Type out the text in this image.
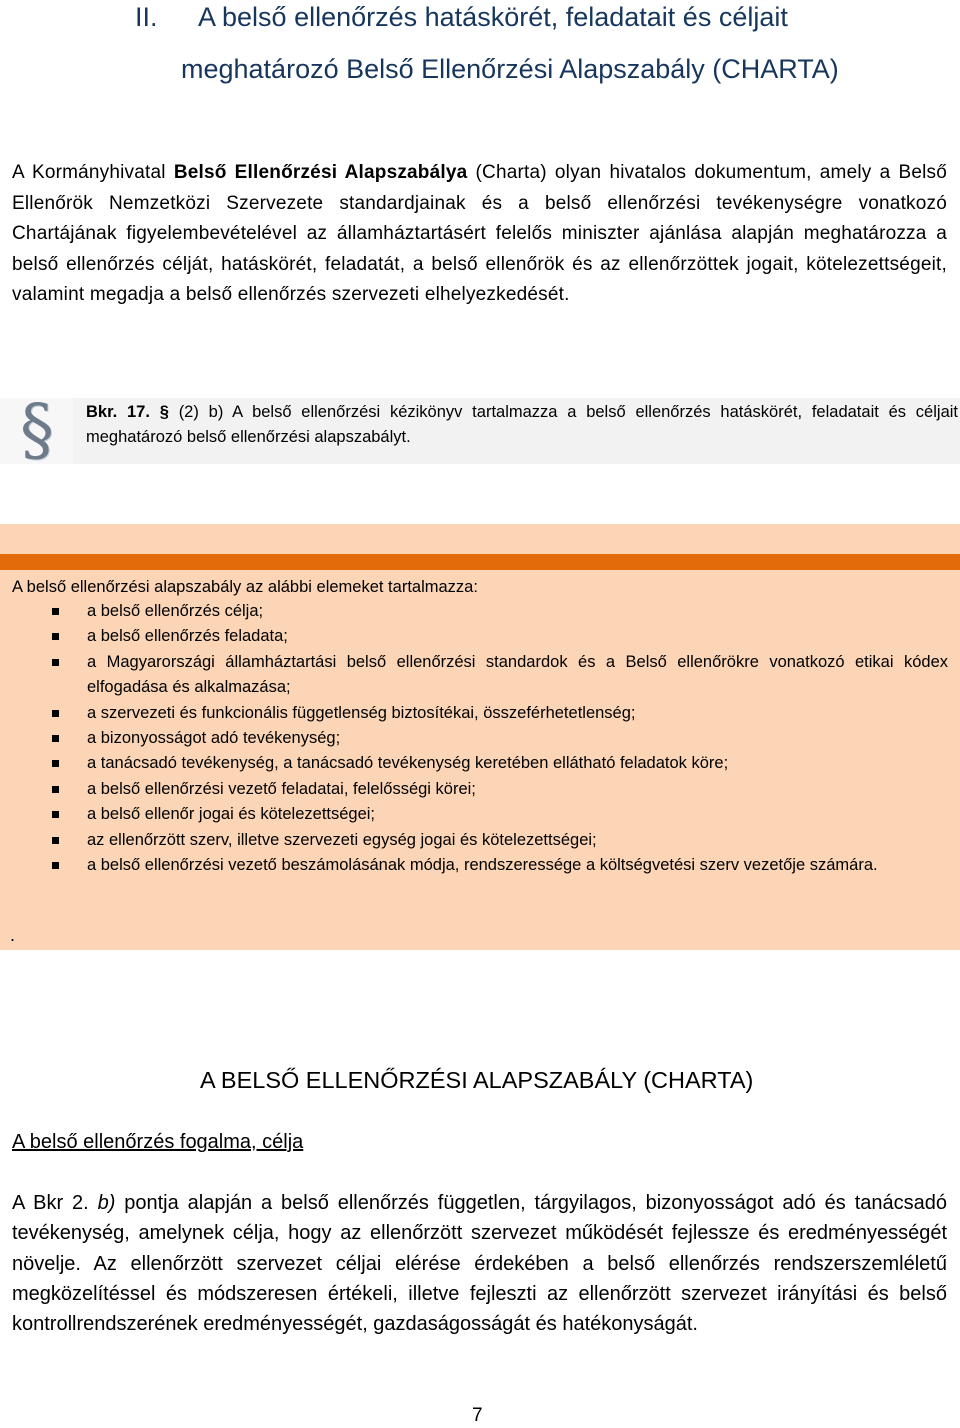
II. A belső ellenőrzés hatáskörét, feladatait és céljait
meghatározó Belső Ellenőrzési Alapszabály (CHARTA)
A Kormányhivatal Belső Ellenőrzési Alapszabálya (Charta) olyan hivatalos dokumentum, amely a Belső Ellenőrök Nemzetközi Szervezete standardjainak és a belső ellenőrzési tevékenységre vonatkozó Chartájának figyelembevételével az államháztartásért felelős miniszter ajánlása alapján meghatározza a belső ellenőrzés célját, hatáskörét, feladatát, a belső ellenőrök és az ellenőrzöttek jogait, kötelezettségeit, valamint megadja a belső ellenőrzés szervezeti elhelyezkedését.
§ Bkr. 17. § (2) b) A belső ellenőrzési kézikönyv tartalmazza a belső ellenőrzés hatáskörét, feladatait és céljait meghatározó belső ellenőrzési alapszabályt.
A belső ellenőrzési alapszabály az alábbi elemeket tartalmazza:
a belső ellenőrzés célja;
a belső ellenőrzés feladata;
a Magyarországi államháztartási belső ellenőrzési standardok és a Belső ellenőrökre vonatkozó etikai kódex elfogadása és alkalmazása;
a szervezeti és funkcionális függetlenség biztosítékai, összeférhetetlenség;
a bizonyosságot adó tevékenység;
a tanácsadó tevékenység, a tanácsadó tevékenység keretében ellátható feladatok köre;
a belső ellenőrzési vezető feladatai, felelősségi körei;
a belső ellenőr jogai és kötelezettségei;
az ellenőrzött szerv, illetve szervezeti egység jogai és kötelezettségei;
a belső ellenőrzési vezető beszámolásának módja, rendszeressége a költségvetési szerv vezetője számára.
.
A BELSŐ ELLENŐRZÉSI ALAPSZABÁLY (CHARTA)
A belső ellenőrzés fogalma, célja
A Bkr 2. b) pontja alapján a belső ellenőrzés független, tárgyilagos, bizonyosságot adó és tanácsadó tevékenység, amelynek célja, hogy az ellenőrzött szervezet működését fejlessze és eredményességét növelje. Az ellenőrzött szervezet céljai elérése érdekében a belső ellenőrzés rendszerszemléletű megközelítéssel és módszeresen értékeli, illetve fejleszti az ellenőrzött szervezet irányítási és belső kontrollrendszerének eredményességét, gazdaságosságát és hatékonyságát.
7
